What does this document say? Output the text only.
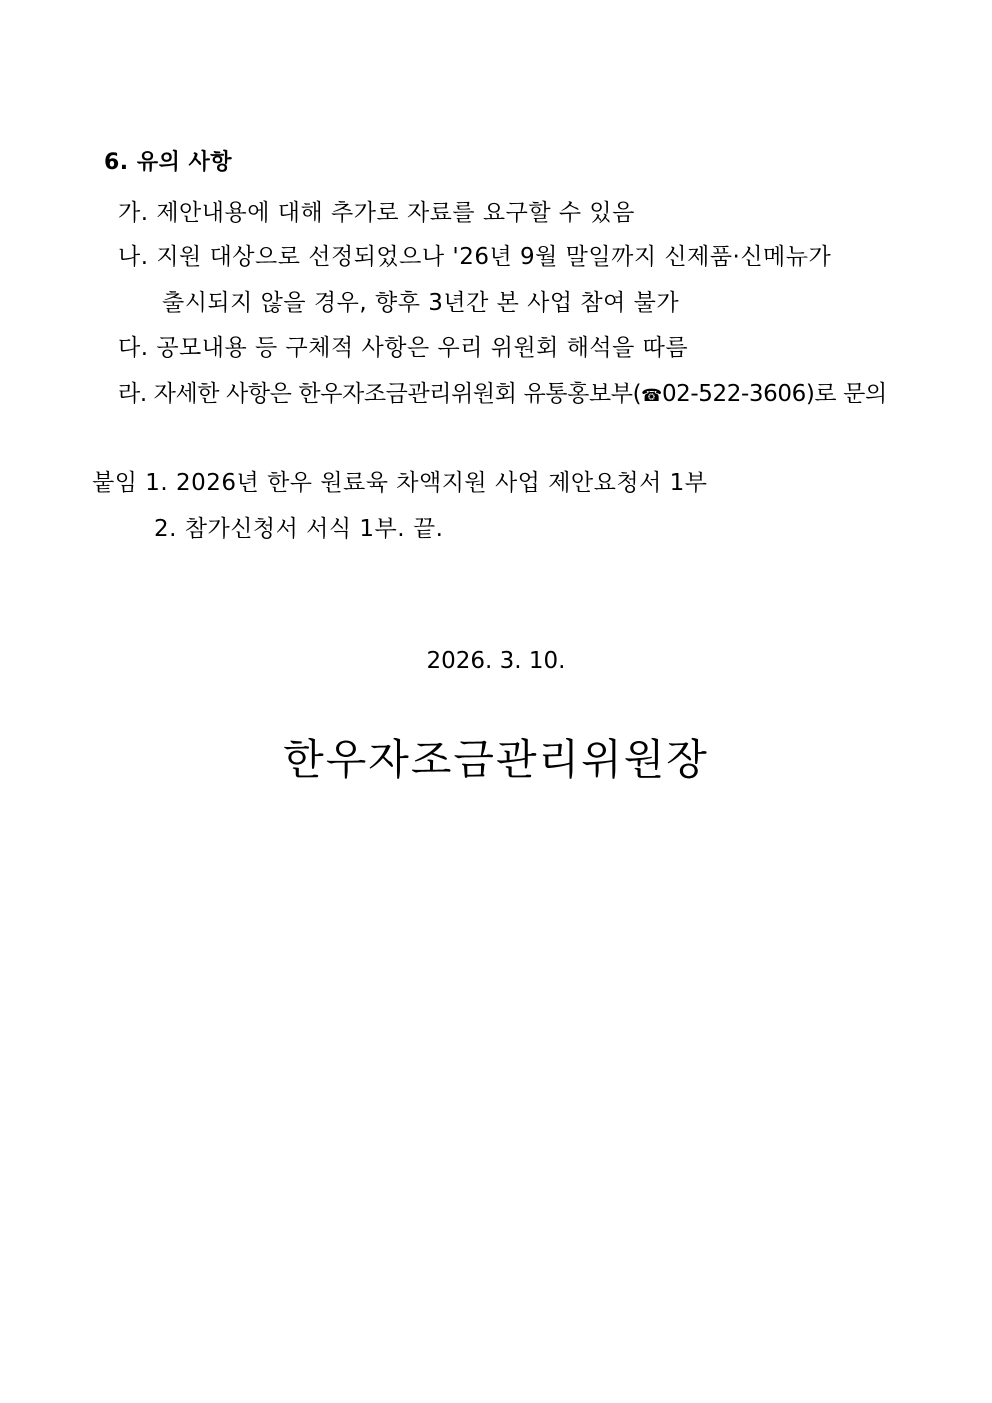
6. 유의 사항
가. 제안내용에 대해 추가로 자료를 요구할 수 있음
나. 지원 대상으로 선정되었으나 '26년 9월 말일까지 신제품·신메뉴가
출시되지 않을 경우, 향후 3년간 본 사업 참여 불가
다. 공모내용 등 구체적 사항은 우리 위원회 해석을 따름
라. 자세한 사항은 한우자조금관리위원회 유통홍보부(☎02-522-3606)로 문의
붙임 1. 2026년 한우 원료육 차액지원 사업 제안요청서 1부
2. 참가신청서 서식 1부. 끝.
2026. 3. 10.
한우자조금관리위원장
